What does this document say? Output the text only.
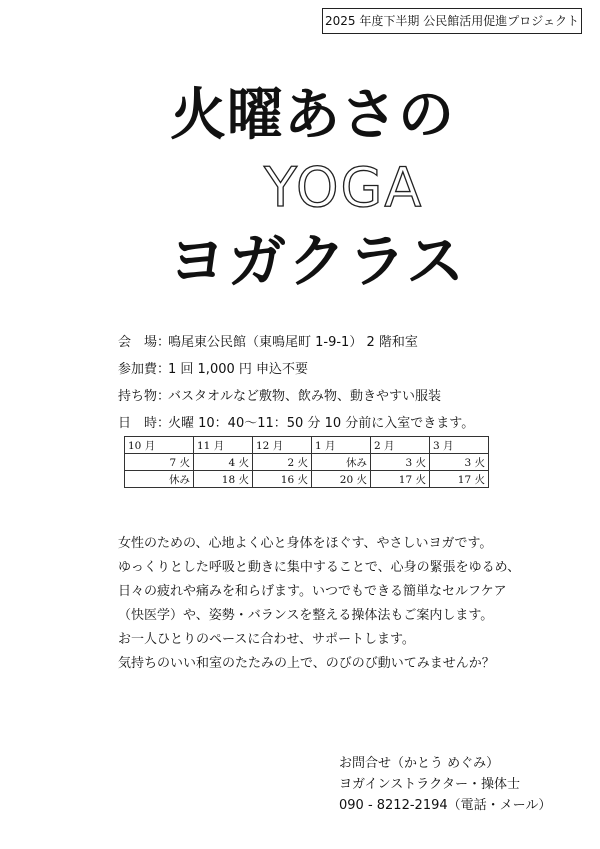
2025 年度下半期 公民館活用促進プロジェクト
火曜あさの
YOGA
ヨガクラス
会　場：
鳴尾東公民館（東鳴尾町 1-9-1） 2 階和室
参加費：
1 回 1,000 円 申込不要
持ち物：
バスタオルなど敷物、飲み物、動きやすい服装
日　時：
火曜 10：40～11：50 分 10 分前に入室できます。
10 月	11 月	12 月	1 月	2 月	3 月
7 火	4 火	2 火	休み	3 火	3 火
休み	18 火	16 火	20 火	17 火	17 火
女性のための、心地よく心と身体をほぐす、やさしいヨガです。
ゆっくりとした呼吸と動きに集中することで、心身の緊張をゆるめ、
日々の疲れや痛みを和らげます。いつでもできる簡単なセルフケア
（快医学）や、姿勢・バランスを整える操体法もご案内します。
お一人ひとりのペースに合わせ、サポートします。
気持ちのいい和室のたたみの上で、のびのび動いてみませんか？
お問合せ（かとう めぐみ）
ヨガインストラクター・操体士
090 - 8212-2194（電話・メール）
